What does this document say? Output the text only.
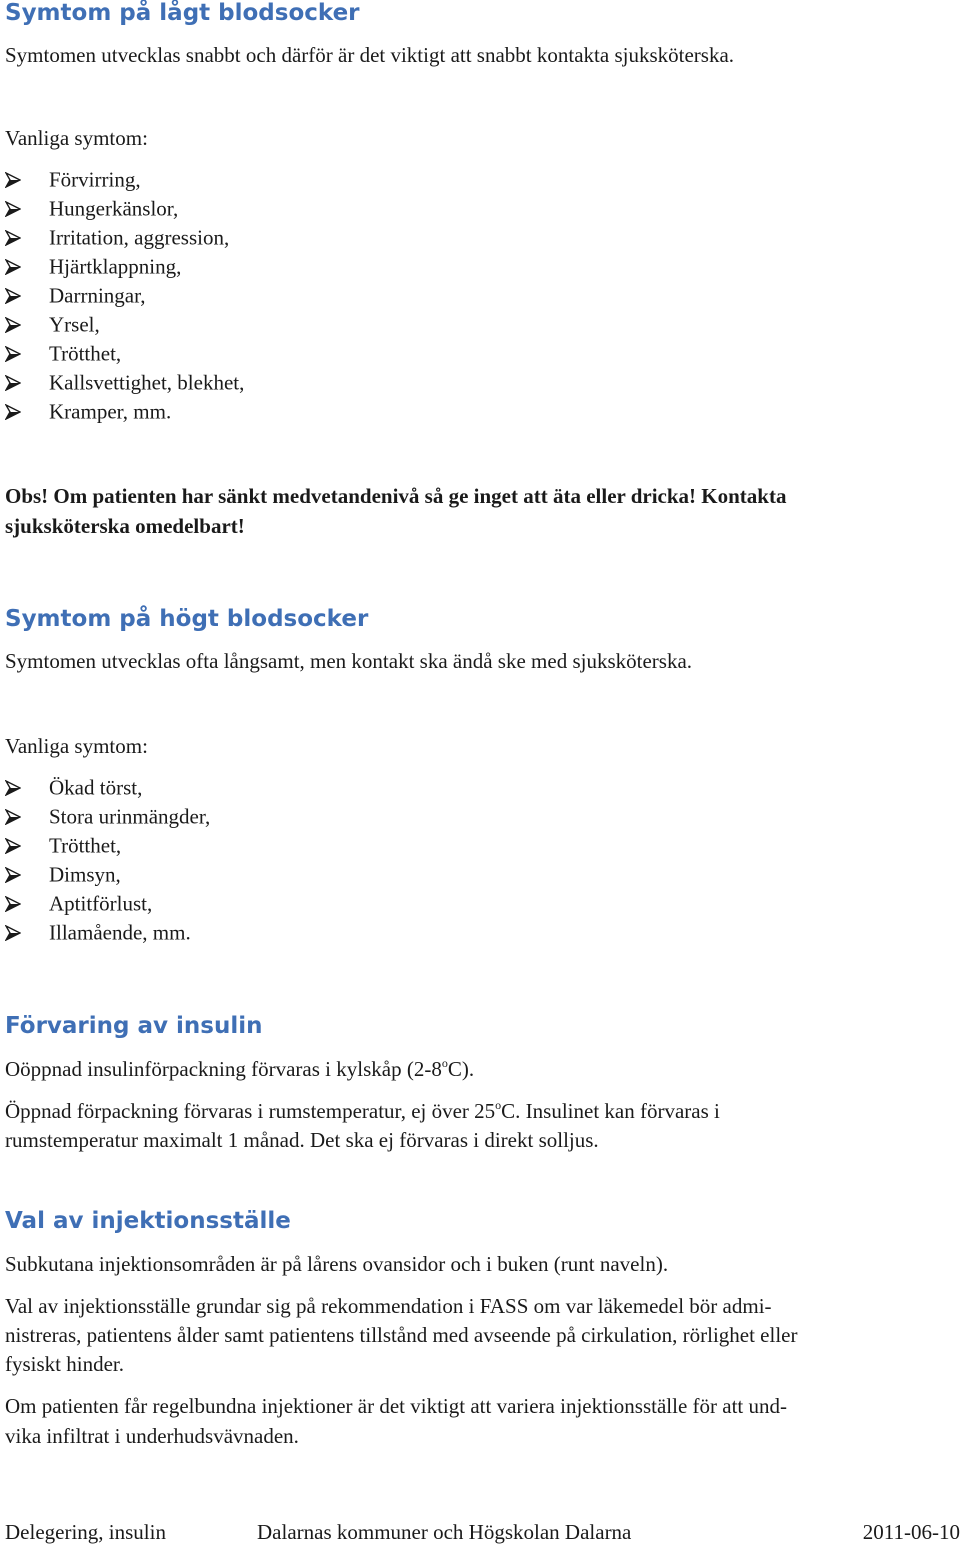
Symtom på lågt blodsocker
Symtomen utvecklas snabbt och därför är det viktigt att snabbt kontakta sjuksköterska.
Vanliga symtom:
Förvirring,
Hungerkänslor,
Irritation, aggression,
Hjärtklappning,
Darrningar,
Yrsel,
Trötthet,
Kallsvettighet, blekhet,
Kramper, mm.
Obs! Om patienten har sänkt medvetandenivå så ge inget att äta eller dricka! Kontakta
sjuksköterska omedelbart!
Symtom på högt blodsocker
Symtomen utvecklas ofta långsamt, men kontakt ska ändå ske med sjuksköterska.
Vanliga symtom:
Ökad törst,
Stora urinmängder,
Trötthet,
Dimsyn,
Aptitförlust,
Illamående, mm.
Förvaring av insulin
Oöppnad insulinförpackning förvaras i kylskåp (2-8$^o$C).
Öppnad förpackning förvaras i rumstemperatur, ej över 25$^o$C. Insulinet kan förvaras i
rumstemperatur maximalt 1 månad. Det ska ej förvaras i direkt solljus.
Val av injektionsställe
Subkutana injektionsområden är på lårens ovansidor och i buken (runt naveln).
Val av injektionsställe grundar sig på rekommendation i FASS om var läkemedel bör admi-
nistreras, patientens ålder samt patientens tillstånd med avseende på cirkulation, rörlighet eller
fysiskt hinder.
Om patienten får regelbundna injektioner är det viktigt att variera injektionsställe för att und-
vika infiltrat i underhudsvävnaden.
Delegering, insulin	Dalarnas kommuner och Högskolan Dalarna	2011-06-10
